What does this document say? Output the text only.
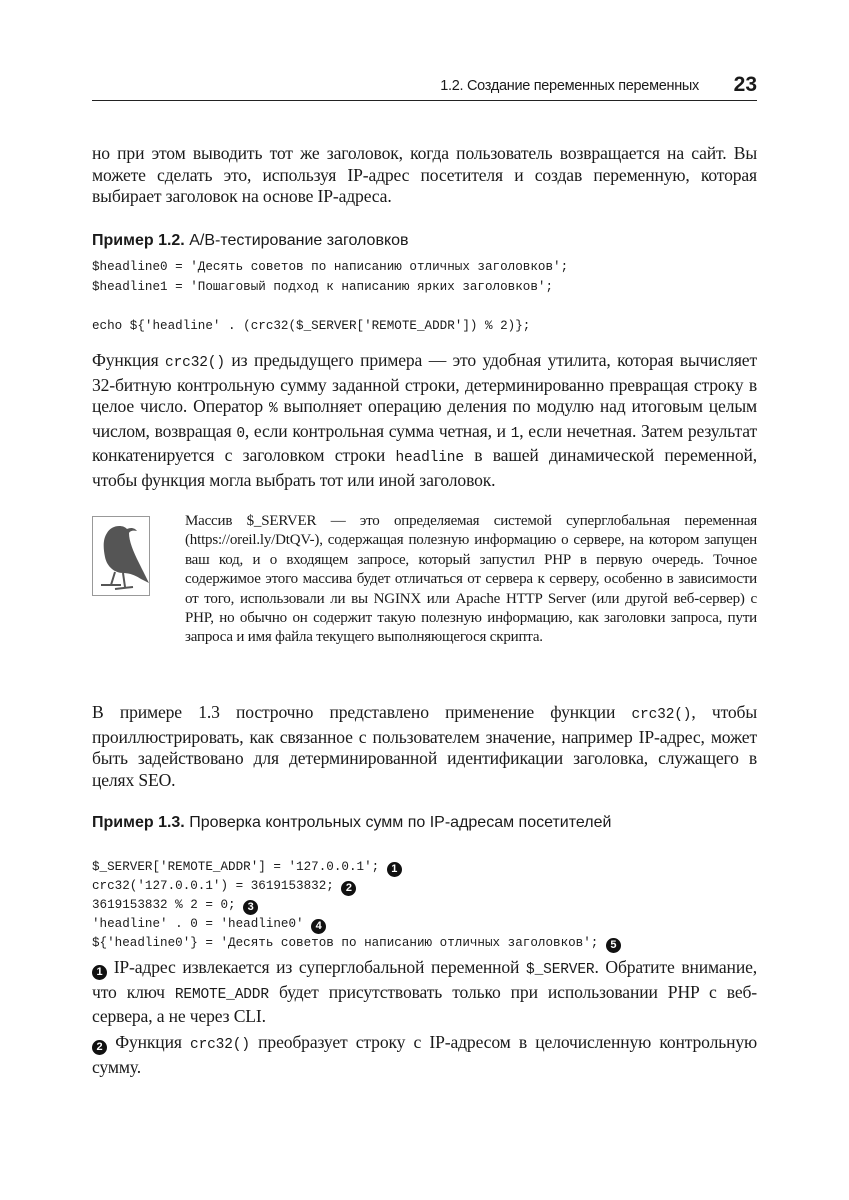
1.2. Создание переменных переменных 23
но при этом выводить тот же заголовок, когда пользователь возвращается на сайт. Вы можете сделать это, используя IP-адрес посетителя и создав переменную, которая выбирает заголовок на основе IP-адреса.
Пример 1.2. A/B-тестирование заголовков
$headline0 = 'Десять советов по написанию отличных заголовков';
$headline1 = 'Пошаговый подход к написанию ярких заголовков';

echo ${'headline' . (crc32($_SERVER['REMOTE_ADDR']) % 2)};
Функция crc32() из предыдущего примера — это удобная утилита, которая вычисляет 32-битную контрольную сумму заданной строки, детерминированно превращая строку в целое число. Оператор % выполняет операцию деления по модулю над итоговым целым числом, возвращая 0, если контрольная сумма четная, и 1, если нечетная. Затем результат конкатенируется с заголовком строки headline в вашей динамической переменной, чтобы функция могла выбрать тот или иной заголовок.
Массив $_SERVER — это определяемая системой суперглобальная переменная (https://oreil.ly/DtQV-), содержащая полезную информацию о сервере, на котором запущен ваш код, и о входящем запросе, который запустил PHP в первую очередь. Точное содержимое этого массива будет отличаться от сервера к серверу, особенно в зависимости от того, использовали ли вы NGINX или Apache HTTP Server (или другой веб-сервер) с PHP, но обычно он содержит такую полезную информацию, как заголовки запроса, пути запроса и имя файла текущего выполняющегося скрипта.
В примере 1.3 построчно представлено применение функции crc32(), чтобы проиллюстрировать, как связанное с пользователем значение, например IP-адрес, может быть задействовано для детерминированной идентификации заголовка, служащего в целях SEO.
Пример 1.3. Проверка контрольных сумм по IP-адресам посетителей

$_SERVER['REMOTE_ADDR'] = '127.0.0.1'; 1
crc32('127.0.0.1') = 3619153832; 2
3619153832 % 2 = 0; 3
'headline' . 0 = 'headline0' 4
${'headline0'} = 'Десять советов по написанию отличных заголовков'; 5
1 IP-адрес извлекается из суперглобальной переменной $_SERVER. Обратите внимание, что ключ REMOTE_ADDR будет присутствовать только при использовании PHP с веб-сервера, а не через CLI.
2 Функция crc32() преобразует строку с IP-адресом в целочисленную контрольную сумму.
